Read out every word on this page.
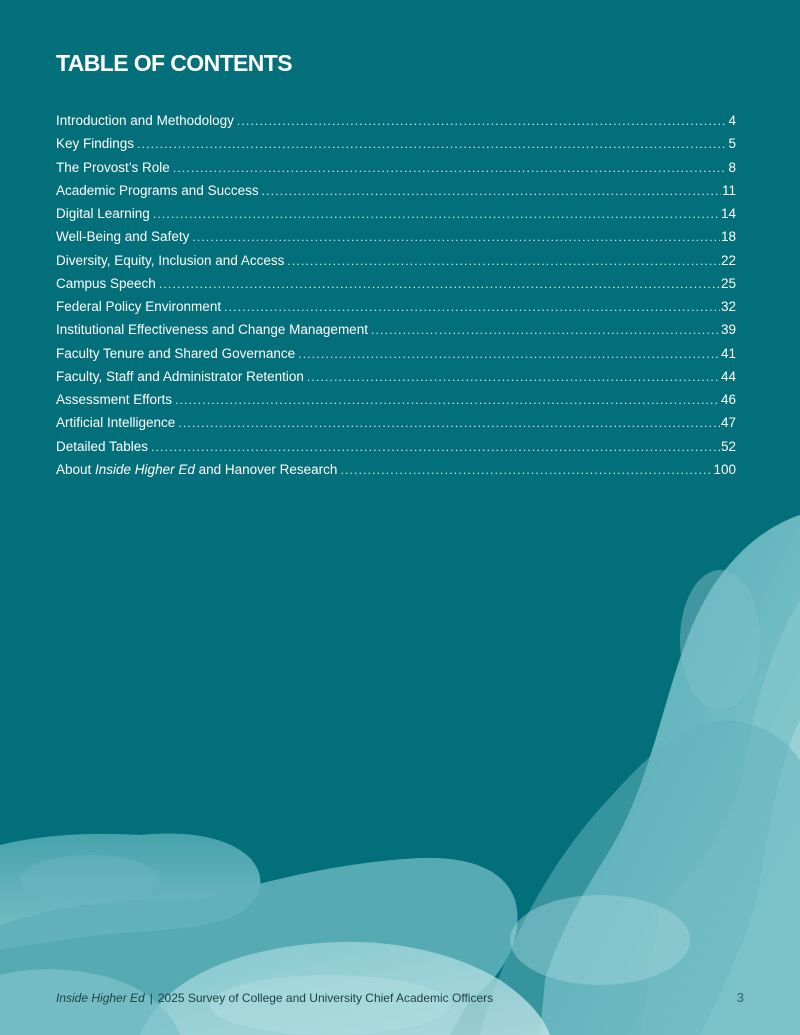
TABLE OF CONTENTS
Introduction and Methodology .....	4
Key Findings .....	5
The Provost’s Role .....	8
Academic Programs and Success .....	11
Digital Learning .....	14
Well-Being and Safety .....	18
Diversity, Equity, Inclusion and Access .....	22
Campus Speech .....	25
Federal Policy Environment .....	32
Institutional Effectiveness and Change Management .....	39
Faculty Tenure and Shared Governance .....	41
Faculty, Staff and Administrator Retention .....	44
Assessment Efforts .....	46
Artificial Intelligence .....	47
Detailed Tables .....	52
About Inside Higher Ed and Hanover Research .....	100
Inside Higher Ed | 2025 Survey of College and University Chief Academic Officers	3
